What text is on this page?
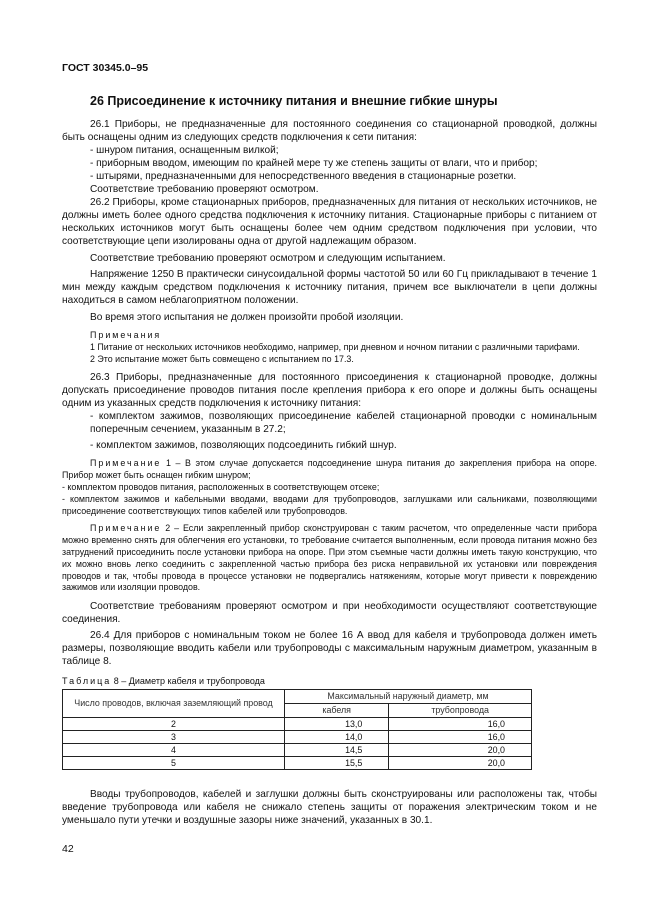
ГОСТ 30345.0–95
26 Присоединение к источнику питания и внешние гибкие шнуры

26.1 Приборы, не предназначенные для постоянного соединения со стационарной проводкой, должны быть оснащены одним из следующих средств подключения к сети питания:

- шнуром питания, оснащенным вилкой;

- приборным вводом, имеющим по крайней мере ту же степень защиты от влаги, что и прибор;

- штырями, предназначенными для непосредственного введения в стационарные розетки.

Соответствие требованию проверяют осмотром.

26.2 Приборы, кроме стационарных приборов, предназначенных для питания от нескольких источников, не должны иметь более одного средства подключения к источнику питания. Стационарные приборы с питанием от нескольких источников могут быть оснащены более чем одним средством подключения при условии, что соответствующие цепи изолированы одна от другой надлежащим образом.

Соответствие требованию проверяют осмотром и следующим испытанием.

Напряжение 1250 В практически синусоидальной формы частотой 50 или 60 Гц прикладывают в течение 1 мин между каждым средством подключения к источнику питания, причем все выключатели в цепи должны находиться в самом неблагоприятном положении.

Во время этого испытания не должен произойти пробой изоляции.

Примечания

1 Питание от нескольких источников необходимо, например, при дневном и ночном питании с различными тарифами.

2 Это испытание может быть совмещено с испытанием по 17.3.

26.3 Приборы, предназначенные для постоянного присоединения к стационарной проводке, должны допускать присоединение проводов питания после крепления прибора к его опоре и должны быть оснащены одним из указанных средств подключения к источнику питания:

- комплектом зажимов, позволяющих присоединение кабелей стационарной проводки с номинальным поперечным сечением, указанным в 27.2;

- комплектом зажимов, позволяющих подсоединить гибкий шнур.

Примечание 1 – В этом случае допускается подсоединение шнура питания до закрепления прибора на опоре. Прибор может быть оснащен гибким шнуром;

- комплектом проводов питания, расположенных в соответствующем отсеке;

- комплектом зажимов и кабельными вводами, вводами для трубопроводов, заглушками или сальниками, позволяющими присоединение соответствующих типов кабелей или трубопроводов.

Примечание 2 – Если закрепленный прибор сконструирован с таким расчетом, что определенные части прибора можно временно снять для облегчения его установки, то требование считается выполненным, если провода питания можно без затруднений присоединить после установки прибора на опоре. При этом съемные части должны иметь такую конструкцию, что их можно вновь легко соединить с закрепленной частью прибора без риска неправильной их установки или повреждения проводов и так, чтобы провода в процессе установки не подвергались натяжениям, которые могут привести к повреждению зажимов или изоляции проводов.

Соответствие требованиям проверяют осмотром и при необходимости осуществляют соответствующие соединения.

26.4 Для приборов с номинальным током не более 16 А ввод для кабеля и трубопровода должен иметь размеры, позволяющие вводить кабели или трубопроводы с максимальным наружным диаметром, указанным в таблице 8.

Таблица 8 – Диаметр кабеля и трубопровода
Число проводов, включая заземляющий провод	Максимальный наружный диаметр, мм	
	кабеля	трубопровода
2	13,0	16,0
3	14,0	16,0
4	14,5	20,0
5	15,5	20,0

Вводы трубопроводов, кабелей и заглушки должны быть сконструированы или расположены так, чтобы введение трубопровода или кабеля не снижало степень защиты от поражения электрическим током и не уменьшало пути утечки и воздушные зазоры ниже значений, указанных в 30.1.

42
